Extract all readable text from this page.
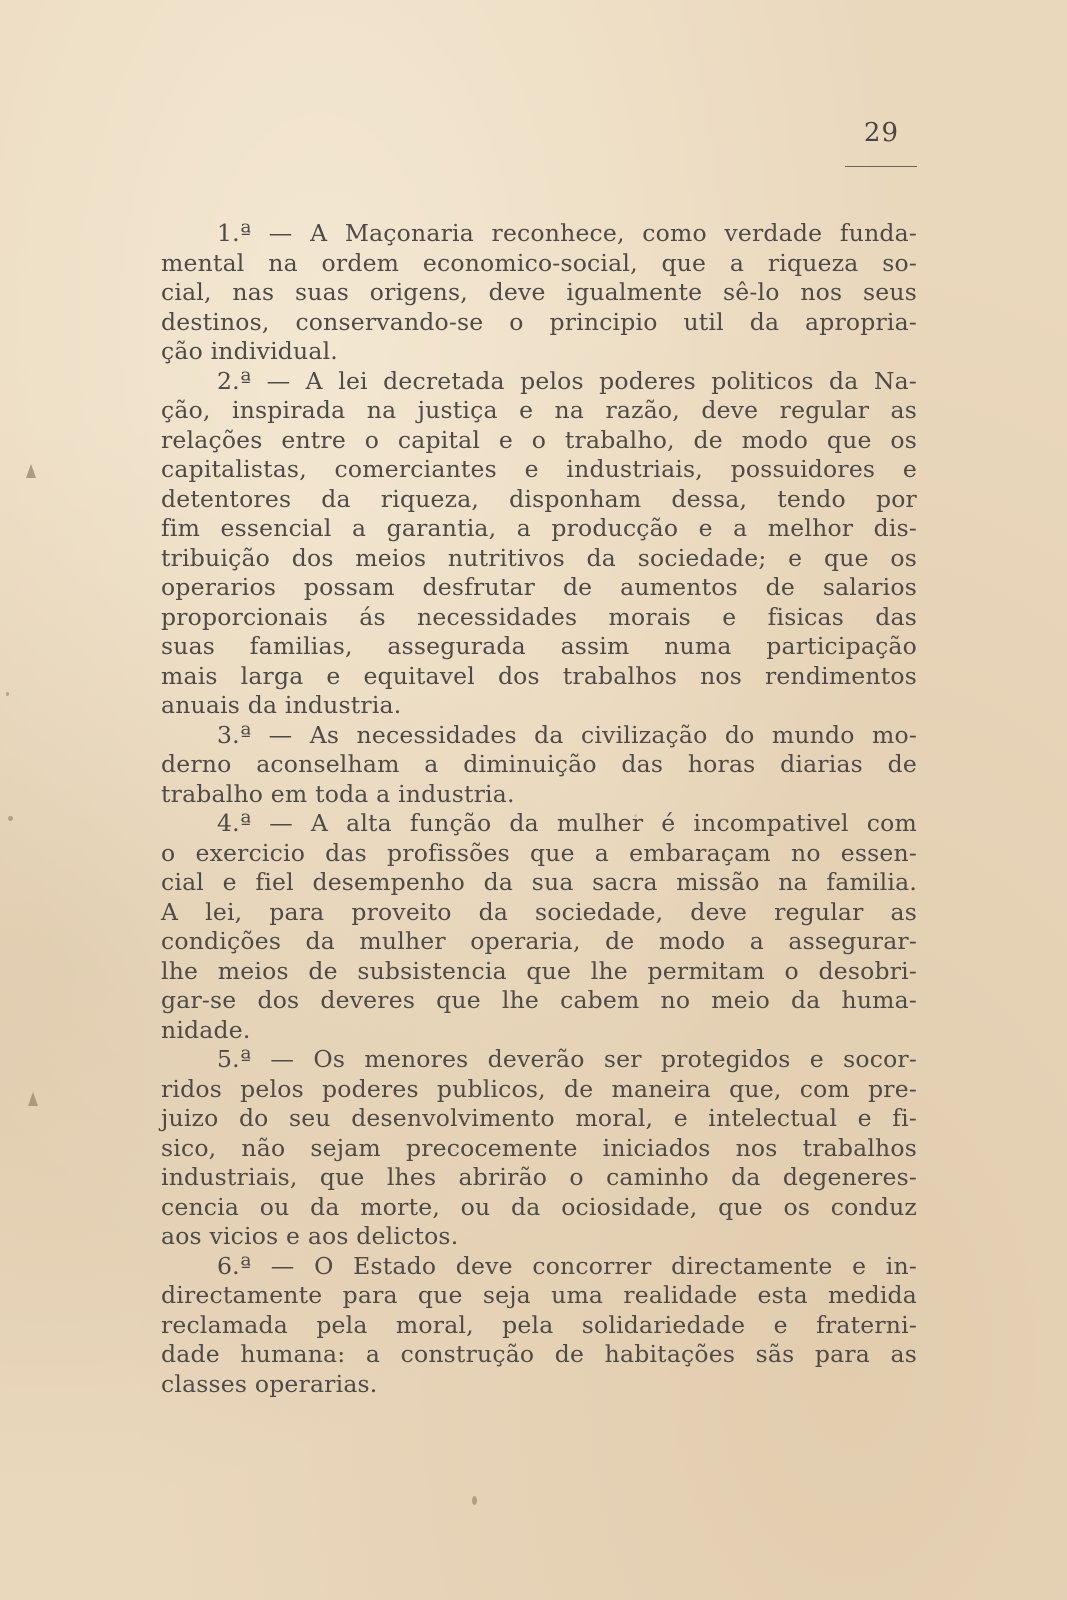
29
1.ª — A Maçonaria reconhece, como verdade funda-
mental na ordem economico-social, que a riqueza so-
cial, nas suas origens, deve igualmente sê-lo nos seus
destinos, conservando-se o principio util da apropria-
ção individual.
2.ª — A lei decretada pelos poderes politicos da Na-
ção, inspirada na justiça e na razão, deve regular as
relações entre o capital e o trabalho, de modo que os
capitalistas, comerciantes e industriais, possuidores e
detentores da riqueza, disponham dessa, tendo por
fim essencial a garantia, a producção e a melhor dis-
tribuição dos meios nutritivos da sociedade; e que os
operarios possam desfrutar de aumentos de salarios
proporcionais ás necessidades morais e fisicas das
suas familias, assegurada assim numa participação
mais larga e equitavel dos trabalhos nos rendimentos
anuais da industria.
3.ª — As necessidades da civilização do mundo mo-
derno aconselham a diminuição das horas diarias de
trabalho em toda a industria.
4.ª — A alta função da mulher é incompativel com
o exercicio das profissões que a embaraçam no essen-
cial e fiel desempenho da sua sacra missão na familia.
A lei, para proveito da sociedade, deve regular as
condições da mulher operaria, de modo a assegurar-
lhe meios de subsistencia que lhe permitam o desobri-
gar-se dos deveres que lhe cabem no meio da huma-
nidade.
5.ª — Os menores deverão ser protegidos e socor-
ridos pelos poderes publicos, de maneira que, com pre-
juizo do seu desenvolvimento moral, e intelectual e fi-
sico, não sejam precocemente iniciados nos trabalhos
industriais, que lhes abrirão o caminho da degeneres-
cencia ou da morte, ou da ociosidade, que os conduz
aos vicios e aos delictos.
6.ª — O Estado deve concorrer directamente e in-
directamente para que seja uma realidade esta medida
reclamada pela moral, pela solidariedade e fraterni-
dade humana: a construção de habitações sãs para as
classes operarias.
